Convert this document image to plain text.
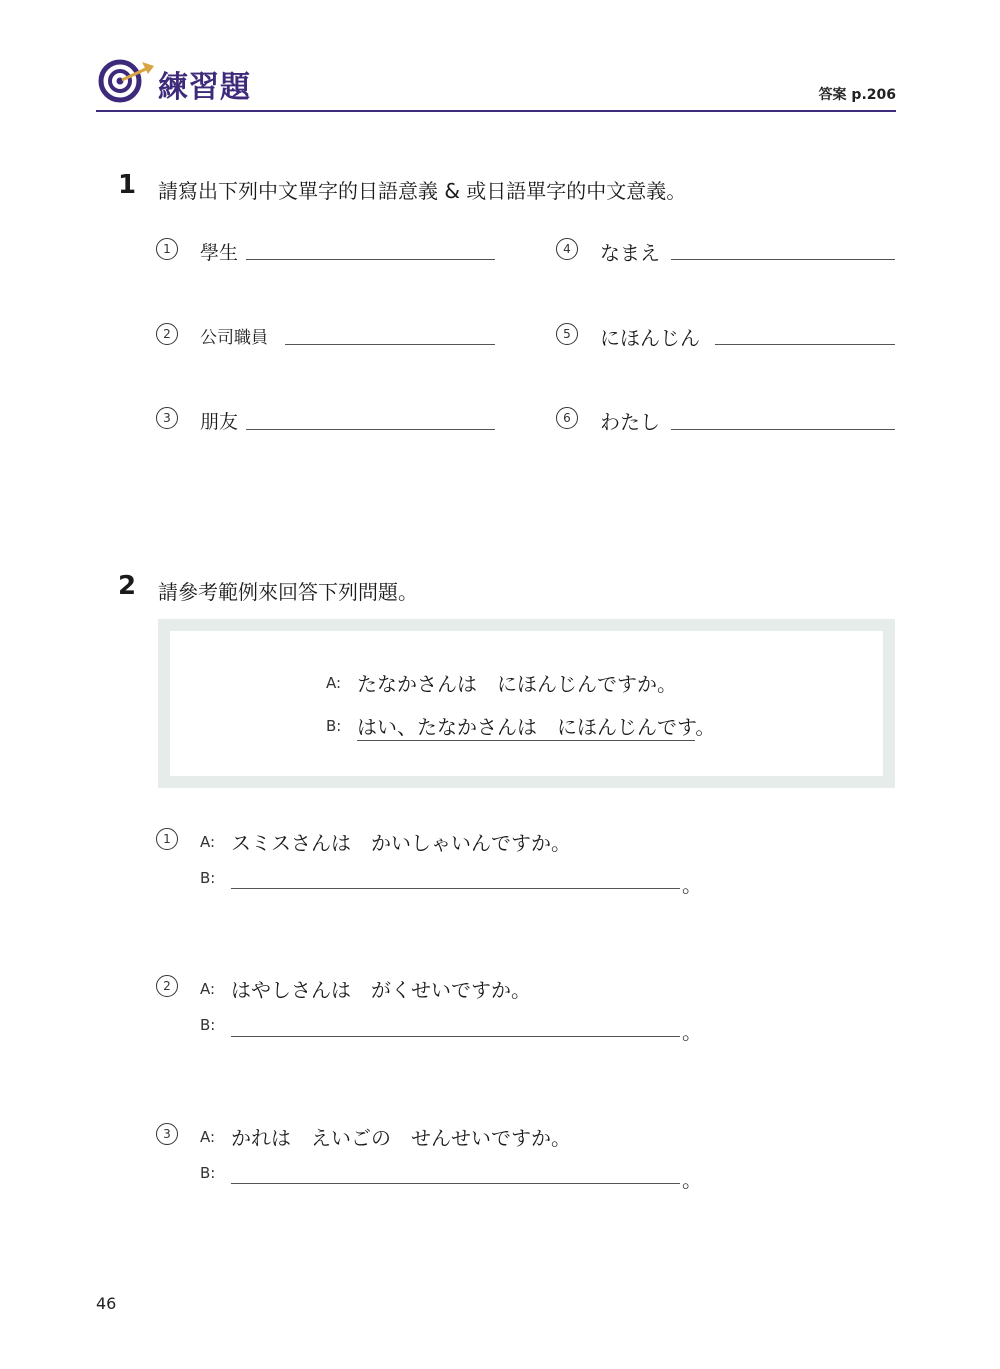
練習題	答案 p.206
1 請寫出下列中文單字的日語意義 & 或日語單字的中文意義。
1	學生
2	公司職員
3	朋友
4	なまえ
5	にほんじん
6	わたし
2 請參考範例來回答下列問題。
A: たなかさんは　にほんじんですか。
B: はい、たなかさんは　にほんじんです。
1	A: スミスさんは　かいしゃいんですか。
B:	。
2	A: はやしさんは　がくせいですか。
B:	。
3	A: かれは　えいごの　せんせいですか。
B:	。
46
